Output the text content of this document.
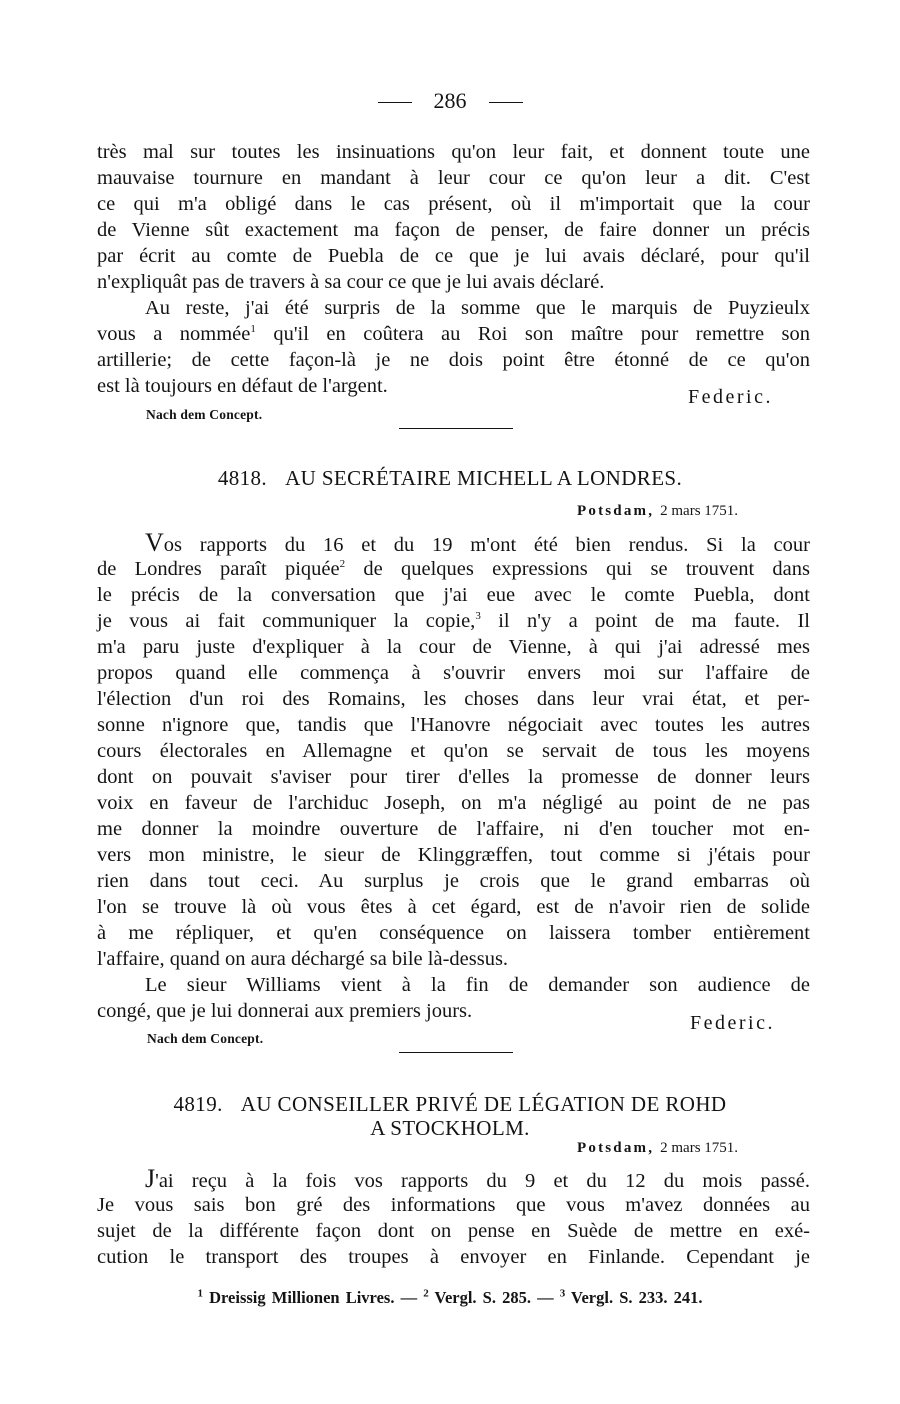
286
très mal sur toutes les insinuations qu'on leur fait, et donnent toute une
mauvaise tournure en mandant à leur cour ce qu'on leur a dit. C'est
ce qui m'a obligé dans le cas présent, où il m'importait que la cour
de Vienne sût exactement ma façon de penser, de faire donner un précis
par écrit au comte de Puebla de ce que je lui avais déclaré, pour qu'il
n'expliquât pas de travers à sa cour ce que je lui avais déclaré.
Au reste, j'ai été surpris de la somme que le marquis de Puyzieulx
vous a nommée$^1$ qu'il en coûtera au Roi son maître pour remettre son
artillerie; de cette façon-là je ne dois point être étonné de ce qu'on
est là toujours en défaut de l'argent.	Federic.
Nach dem Concept.
4818. AU SECRÉTAIRE MICHELL A LONDRES.
Potsdam, 2 mars 1751.
Vos rapports du 16 et du 19 m'ont été bien rendus. Si la cour
de Londres paraît piquée$^2$ de quelques expressions qui se trouvent dans
le précis de la conversation que j'ai eue avec le comte Puebla, dont
je vous ai fait communiquer la copie,$^3$ il n'y a point de ma faute. Il
m'a paru juste d'expliquer à la cour de Vienne, à qui j'ai adressé mes
propos quand elle commença à s'ouvrir envers moi sur l'affaire de
l'élection d'un roi des Romains, les choses dans leur vrai état, et per-
sonne n'ignore que, tandis que l'Hanovre négociait avec toutes les autres
cours électorales en Allemagne et qu'on se servait de tous les moyens
dont on pouvait s'aviser pour tirer d'elles la promesse de donner leurs
voix en faveur de l'archiduc Joseph, on m'a négligé au point de ne pas
me donner la moindre ouverture de l'affaire, ni d'en toucher mot en-
vers mon ministre, le sieur de Klinggræffen, tout comme si j'étais pour
rien dans tout ceci. Au surplus je crois que le grand embarras où
l'on se trouve là où vous êtes à cet égard, est de n'avoir rien de solide
à me répliquer, et qu'en conséquence on laissera tomber entièrement
l'affaire, quand on aura déchargé sa bile là-dessus.
Le sieur Williams vient à la fin de demander son audience de
congé, que je lui donnerai aux premiers jours.
Federic.
Nach dem Concept.
4819. AU CONSEILLER PRIVÉ DE LÉGATION DE ROHD
A STOCKHOLM.
Potsdam, 2 mars 1751.
J'ai reçu à la fois vos rapports du 9 et du 12 du mois passé.
Je vous sais bon gré des informations que vous m'avez données au
sujet de la différente façon dont on pense en Suède de mettre en exé-
cution le transport des troupes à envoyer en Finlande. Cependant je
$^1$ Dreissig Millionen Livres. — $^2$ Vergl. S. 285. — $^3$ Vergl. S. 233. 241.
